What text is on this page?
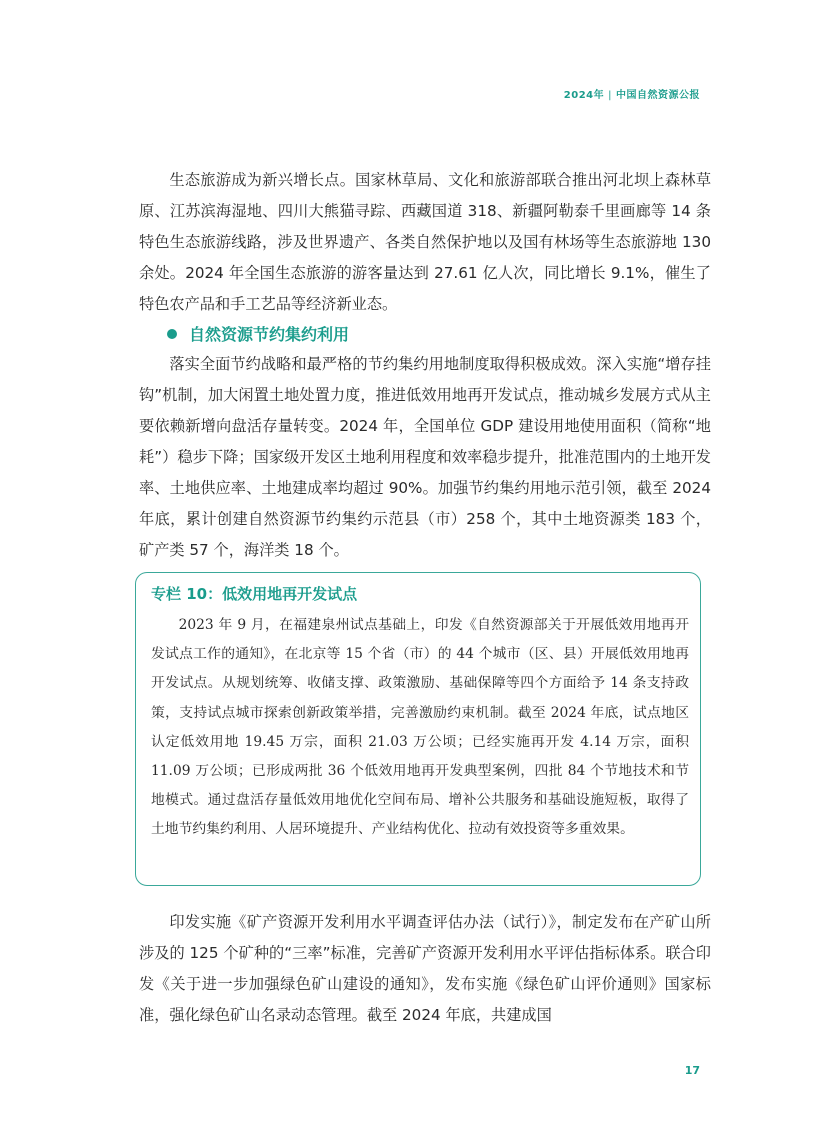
2024年 | 中国自然资源公报

生态旅游成为新兴增长点。国家林草局、文化和旅游部联合推出河北坝上森林草原、江苏滨海湿地、四川大熊猫寻踪、西藏国道 318、新疆阿勒泰千里画廊等 14 条特色生态旅游线路，涉及世界遗产、各类自然保护地以及国有林场等生态旅游地 130 余处。2024 年全国生态旅游的游客量达到 27.61 亿人次，同比增长 9.1%，催生了特色农产品和手工艺品等经济新业态。

自然资源节约集约利用

落实全面节约战略和最严格的节约集约用地制度取得积极成效。深入实施“增存挂钩”机制，加大闲置土地处置力度，推进低效用地再开发试点，推动城乡发展方式从主要依赖新增向盘活存量转变。2024 年，全国单位 GDP 建设用地使用面积（简称“地耗”）稳步下降；国家级开发区土地利用程度和效率稳步提升，批准范围内的土地开发率、土地供应率、土地建成率均超过 90%。加强节约集约用地示范引领，截至 2024 年底，累计创建自然资源节约集约示范县（市）258 个，其中土地资源类 183 个，矿产类 57 个，海洋类 18 个。

专栏 10：低效用地再开发试点

2023 年 9 月，在福建泉州试点基础上，印发《自然资源部关于开展低效用地再开发试点工作的通知》，在北京等 15 个省（市）的 44 个城市（区、县）开展低效用地再开发试点。从规划统筹、收储支撑、政策激励、基础保障等四个方面给予 14 条支持政策，支持试点城市探索创新政策举措，完善激励约束机制。截至 2024 年底，试点地区认定低效用地 19.45 万宗，面积 21.03 万公顷；已经实施再开发 4.14 万宗，面积 11.09 万公顷；已形成两批 36 个低效用地再开发典型案例，四批 84 个节地技术和节地模式。通过盘活存量低效用地优化空间布局、增补公共服务和基础设施短板，取得了土地节约集约利用、人居环境提升、产业结构优化、拉动有效投资等多重效果。

印发实施《矿产资源开发利用水平调查评估办法（试行）》，制定发布在产矿山所涉及的 125 个矿种的“三率”标准，完善矿产资源开发利用水平评估指标体系。联合印发《关于进一步加强绿色矿山建设的通知》，发布实施《绿色矿山评价通则》国家标准，强化绿色矿山名录动态管理。截至 2024 年底，共建成国

17
